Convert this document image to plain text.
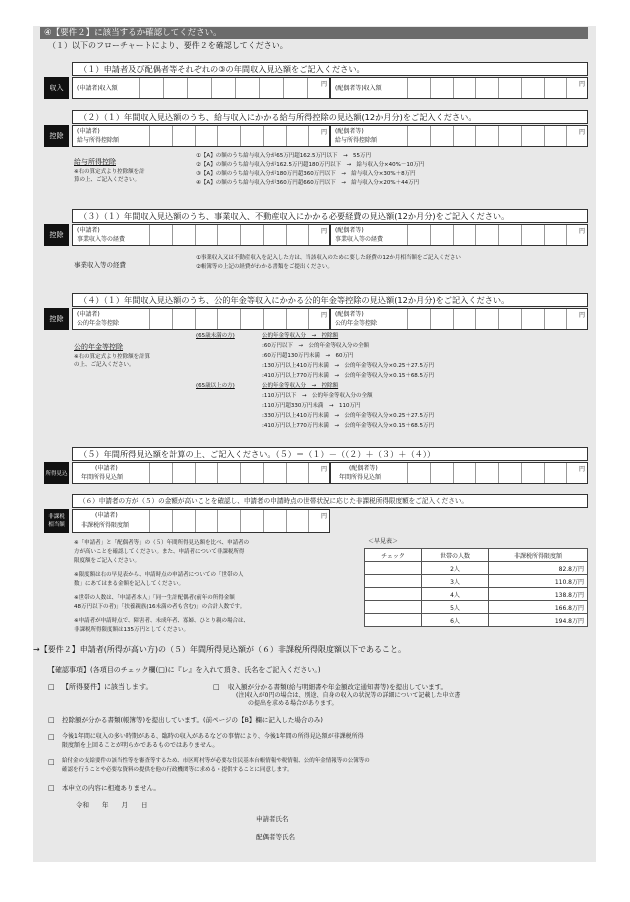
④【要件２】に該当するか確認してください。
（１）以下のフローチャートにより、要件２を確認してください。
（１）申請者及び配偶者等それぞれの③の年間収入見込額をご記入ください。
収入	(申請者)収入額
円
(配偶者等)収入額
円
（２）（１）年間収入見込額のうち、給与収入にかかる給与所得控除の見込額(12か月分)をご記入ください。
控除
(申請者)
給与所得控除額
円 (配偶者等)
給与所得控除額
円
給与所得控除
※右の算定式より控除額を計
算の上、ご記入ください。
①【A】の額のうち給与収入分が65万円超162.5万円以下　→　55万円
②【A】の額のうち給与収入分が162.5万円超180万円以下　→　給与収入分×40%－10万円
③【A】の額のうち給与収入分が180万円超360万円以下　→　給与収入分×30%＋8万円
④【A】の額のうち給与収入分が360万円超660万円以下　→　給与収入分×20%＋44万円
（３）（１）年間収入見込額のうち、事業収入、不動産収入にかかる必要経費の見込額(12か月分)をご記入ください。
控除
(申請者)
事業収入等の経費
円 (配偶者等)
事業収入等の経費
円
事業収入等の経費
①事業収入又は不動産収入を記入した方は、当該収入のために要した経費の12か月相当額をご記入ください
②帳簿等の上記の経費がわかる書類をご提出ください。
（４）（１）年間収入見込額のうち、公的年金等収入にかかる公的年金等控除の見込額(12か月分)をご記入ください。
控除
(申請者)
公的年金等控除
円 (配偶者等)
公的年金等控除
円
公的年金等控除
※右の算定式より控除額を計算
の上、ご記入ください。
(65歳未満の方)	公的年金等収入分　→　控除額
:60万円以下　→　公的年金等収入分の全額
:60万円超130万円未満　→　60万円
:130万円以上410万円未満　→　公的年金等収入分×0.25＋27.5万円
:410万円以上770万円未満　→　公的年金等収入分×0.15＋68.5万円
(65歳以上の方)	公的年金等収入分　→　控除額
:110万円以下　→　公的年金等収入分の全額
:110万円超330万円未満　→　110万円
:330万円以上410万円未満　→　公的年金等収入分×0.25＋27.5万円
:410万円以上770万円未満　→　公的年金等収入分×0.15＋68.5万円
（５）年間所得見込額を計算の上、ご記入ください。（５）＝（１）－（（２）＋（３）＋（４））
所得見込
(申請者)
年間所得見込額
円	(配偶者等)
年間所得見込額
円
（６）申請者の方が（５）の金額が高いことを確認し、申請者の申請時点の世帯状況に応じた非課税所得限度額をご記入ください。
非課税
相当額
(申請者)
非課税所得限度額
円
※「申請者」と「配偶者等」の（５）年間所得見込額を比べ、申請者の
方が高いことを確認してください。また、申請者について非課税所得
限度額をご記入ください。
※限度額は右の早見表から、申請時点の申請者についての「世帯の人
数」にあてはまる金額を記入してください。
※世帯の人数は、「申請者本人」「同一生計配偶者(前年の所得金額
48万円以下の者)」「扶養親族(16未満の者も含む)」の合計人数です。
※申請者が申請時点で、障害者、未成年者、寡婦、ひとり親の場合は、
非課税所得限度額は135万円としてください。
＜早見表＞
チェック	世帯の人数	非課税所得限度額
	2人	82.8万円
	3人	110.8万円
	4人	138.8万円
	5人	166.8万円
	6人	194.8万円
→【要件２】申請者(所得が高い方)の（５）年間所得見込額が（６）非課税所得限度額以下であること。
【確認事項】(各項目のチェック欄(□)に『レ』を入れて頂き、氏名をご記入ください。)
□ 【所得要件】に該当します。	□ 収入額が分かる書類(給与明細書や年金額改定通知書等)を提出しています。
(注)収入が0円の場合は、別途、自身の収入の状況等の詳細について記載した申立書
の提出を求める場合があります。
□ 控除額が分かる書類(帳簿等)を提出しています。(前ページの【B】欄に記入した場合のみ)
□ 今後1年間に収入の多い時期がある、臨時の収入があるなどの事情により、今後1年間の所得見込額が非課税所得
限度額を上回ることが明らかであるものではありません。
□ 給付金の支給要件の該当性等を審査等するため、市区町村等が必要な住民基本台帳情報や税情報、公的年金情報等の公簿等の
確認を行うことや必要な資料の提供を他の行政機関等に求める・提供することに同意します。
□ 本申立の内容に相違ありません。
令和　　年　　月　　日
申請者氏名
配偶者等氏名
